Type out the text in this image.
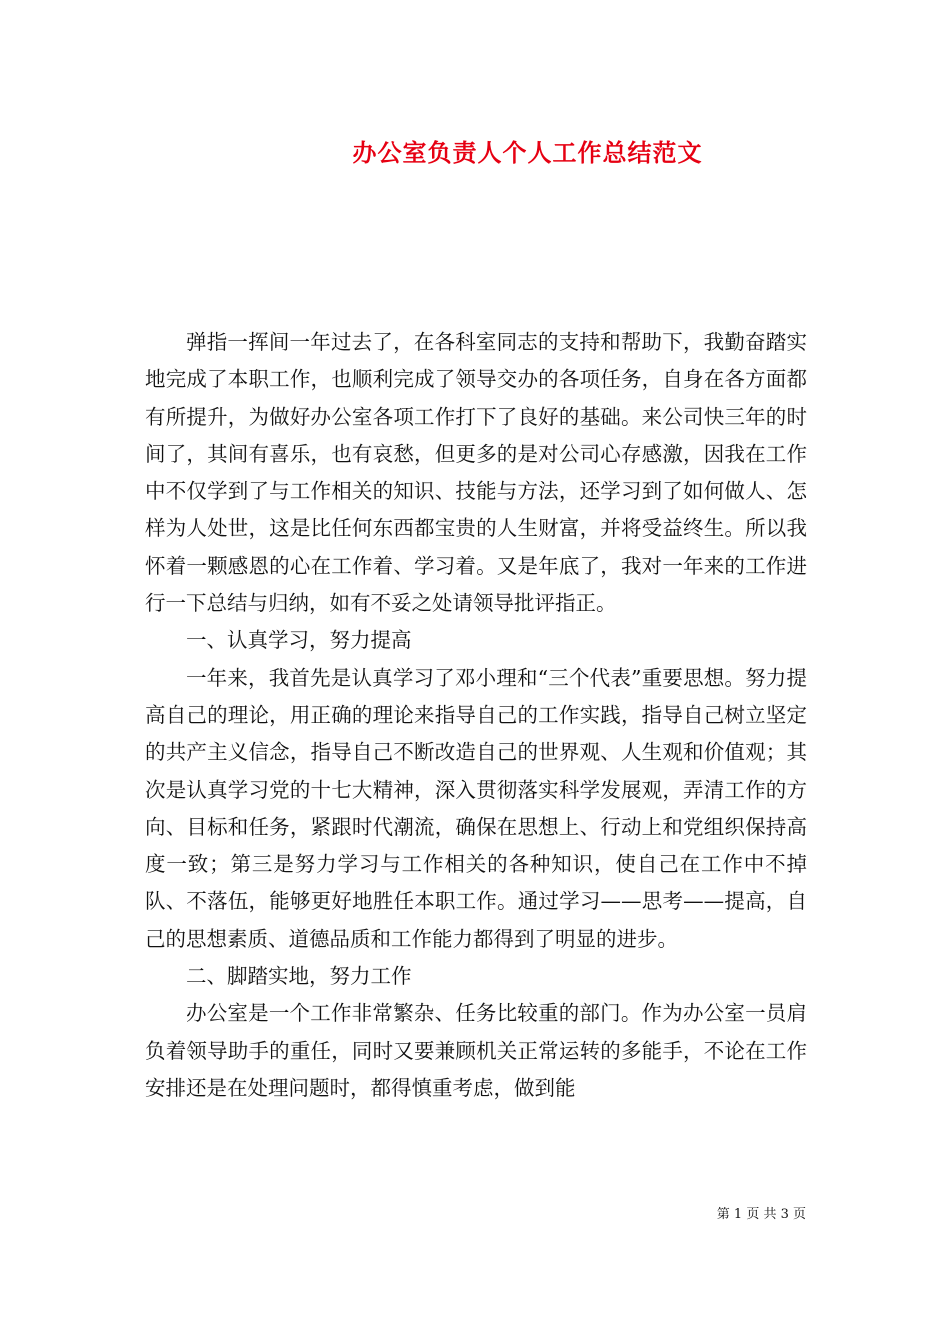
办公室负责人个人工作总结范文

弹指一挥间一年过去了，在各科室同志的支持和帮助下，我勤奋踏实地完成了本职工作，也顺利完成了领导交办的各项任务，自身在各方面都有所提升，为做好办公室各项工作打下了良好的基础。来公司快三年的时间了，其间有喜乐，也有哀愁，但更多的是对公司心存感激，因我在工作中不仅学到了与工作相关的知识、技能与方法，还学习到了如何做人、怎样为人处世，这是比任何东西都宝贵的人生财富，并将受益终生。所以我怀着一颗感恩的心在工作着、学习着。又是年底了，我对一年来的工作进行一下总结与归纳，如有不妥之处请领导批评指正。

一、认真学习，努力提高

一年来，我首先是认真学习了邓小理和“三个代表”重要思想。努力提高自己的理论，用正确的理论来指导自己的工作实践，指导自己树立坚定的共产主义信念，指导自己不断改造自己的世界观、人生观和价值观；其次是认真学习党的十七大精神，深入贯彻落实科学发展观，弄清工作的方向、目标和任务，紧跟时代潮流，确保在思想上、行动上和党组织保持高度一致；第三是努力学习与工作相关的各种知识，使自己在工作中不掉队、不落伍，能够更好地胜任本职工作。通过学习——思考——提高，自己的思想素质、道德品质和工作能力都得到了明显的进步。

二、脚踏实地，努力工作

办公室是一个工作非常繁杂、任务比较重的部门。作为办公室一员肩负着领导助手的重任，同时又要兼顾机关正常运转的多能手，不论在工作安排还是在处理问题时，都得慎重考虑，做到能

第 1 页 共 3 页
